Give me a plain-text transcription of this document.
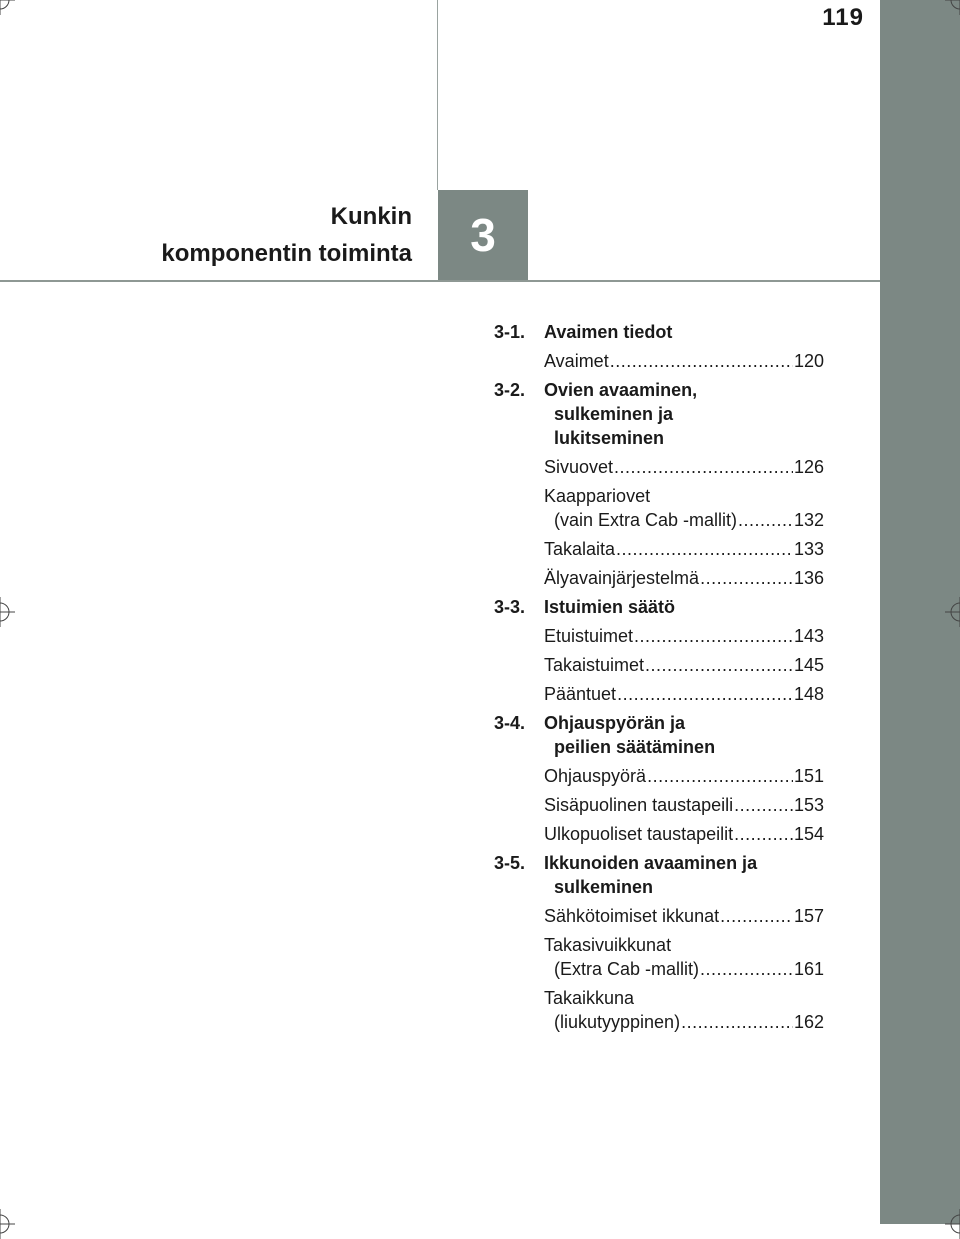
119
3
Kunkin
komponentin toiminta
3-1.	Avaimen tiedot
Avaimet .....	120
3-2.	Ovien avaaminen,
sulkeminen ja
lukitseminen
Sivuovet .....	126
Kaappariovet
(vain Extra Cab -mallit) .....	132
Takalaita .....	133
Älyavainjärjestelmä .....	136
3-3.	Istuimien säätö
Etuistuimet .....	143
Takaistuimet .....	145
Pääntuet .....	148
3-4.	Ohjauspyörän ja
peilien säätäminen
Ohjauspyörä .....	151
Sisäpuolinen taustapeili .....	153
Ulkopuoliset taustapeilit .....	154
3-5.	Ikkunoiden avaaminen ja
sulkeminen
Sähkötoimiset ikkunat .....	157
Takasivuikkunat
(Extra Cab -mallit) .....	161
Takaikkuna
(liukutyyppinen) .....	162
